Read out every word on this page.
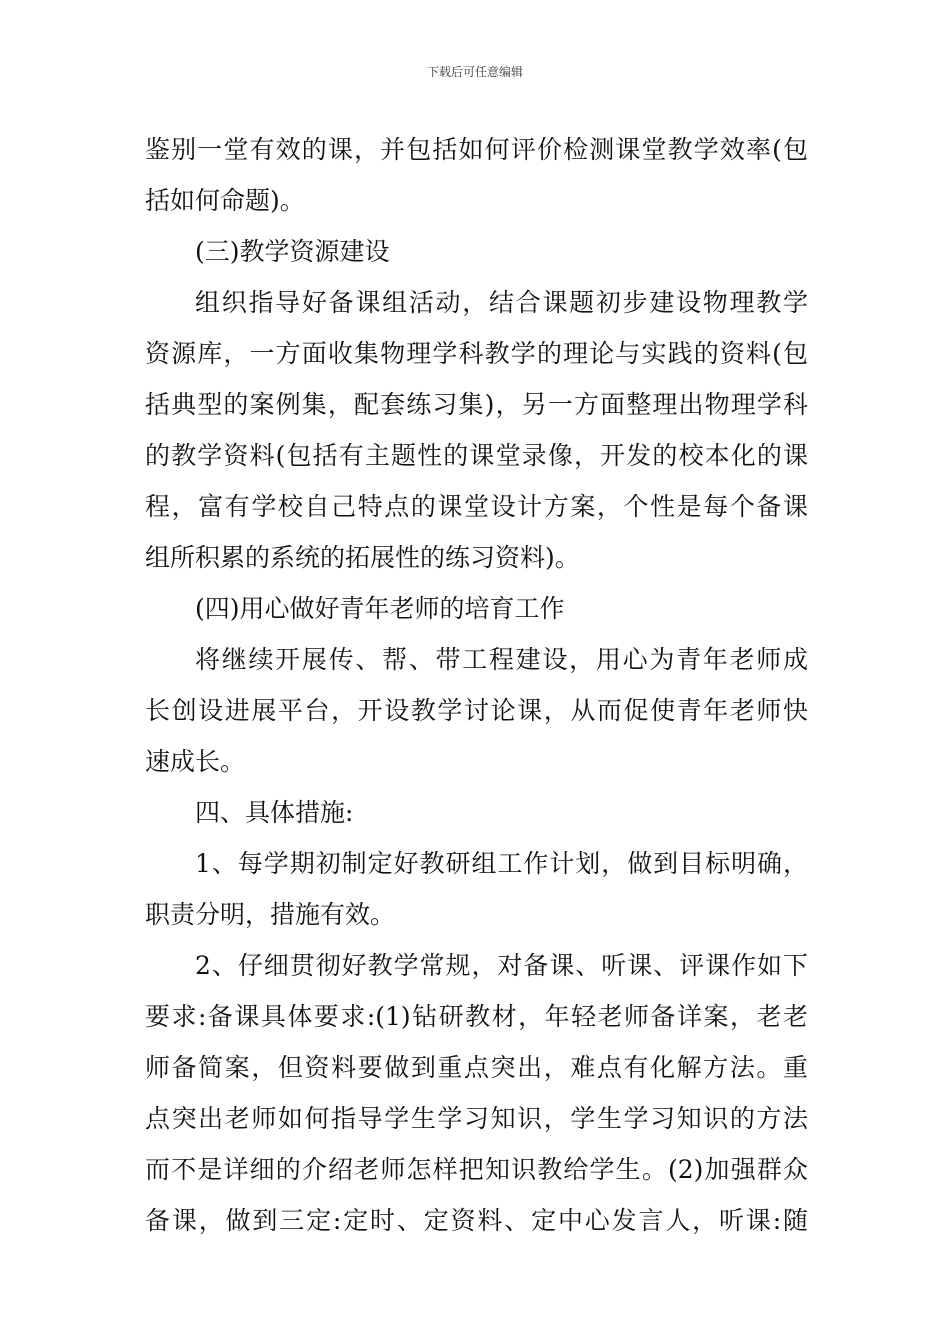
下载后可任意编辑
鉴别一堂有效的课，并包括如何评价检测课堂教学效率(包
括如何命题)。
(三)教学资源建设
组织指导好备课组活动，结合课题初步建设物理教学
资源库，一方面收集物理学科教学的理论与实践的资料(包
括典型的案例集，配套练习集)，另一方面整理出物理学科
的教学资料(包括有主题性的课堂录像，开发的校本化的课
程，富有学校自己特点的课堂设计方案，个性是每个备课
组所积累的系统的拓展性的练习资料)。
(四)用心做好青年老师的培育工作
将继续开展传、帮、带工程建设，用心为青年老师成
长创设进展平台，开设教学讨论课，从而促使青年老师快
速成长。
四、具体措施:
1、每学期初制定好教研组工作计划，做到目标明确，
职责分明，措施有效。
2、仔细贯彻好教学常规，对备课、听课、评课作如下
要求:备课具体要求:(1)钻研教材，年轻老师备详案，老老
师备简案，但资料要做到重点突出，难点有化解方法。重
点突出老师如何指导学生学习知识，学生学习知识的方法
而不是详细的介绍老师怎样把知识教给学生。(2)加强群众
备课，做到三定:定时、定资料、定中心发言人，听课:随
